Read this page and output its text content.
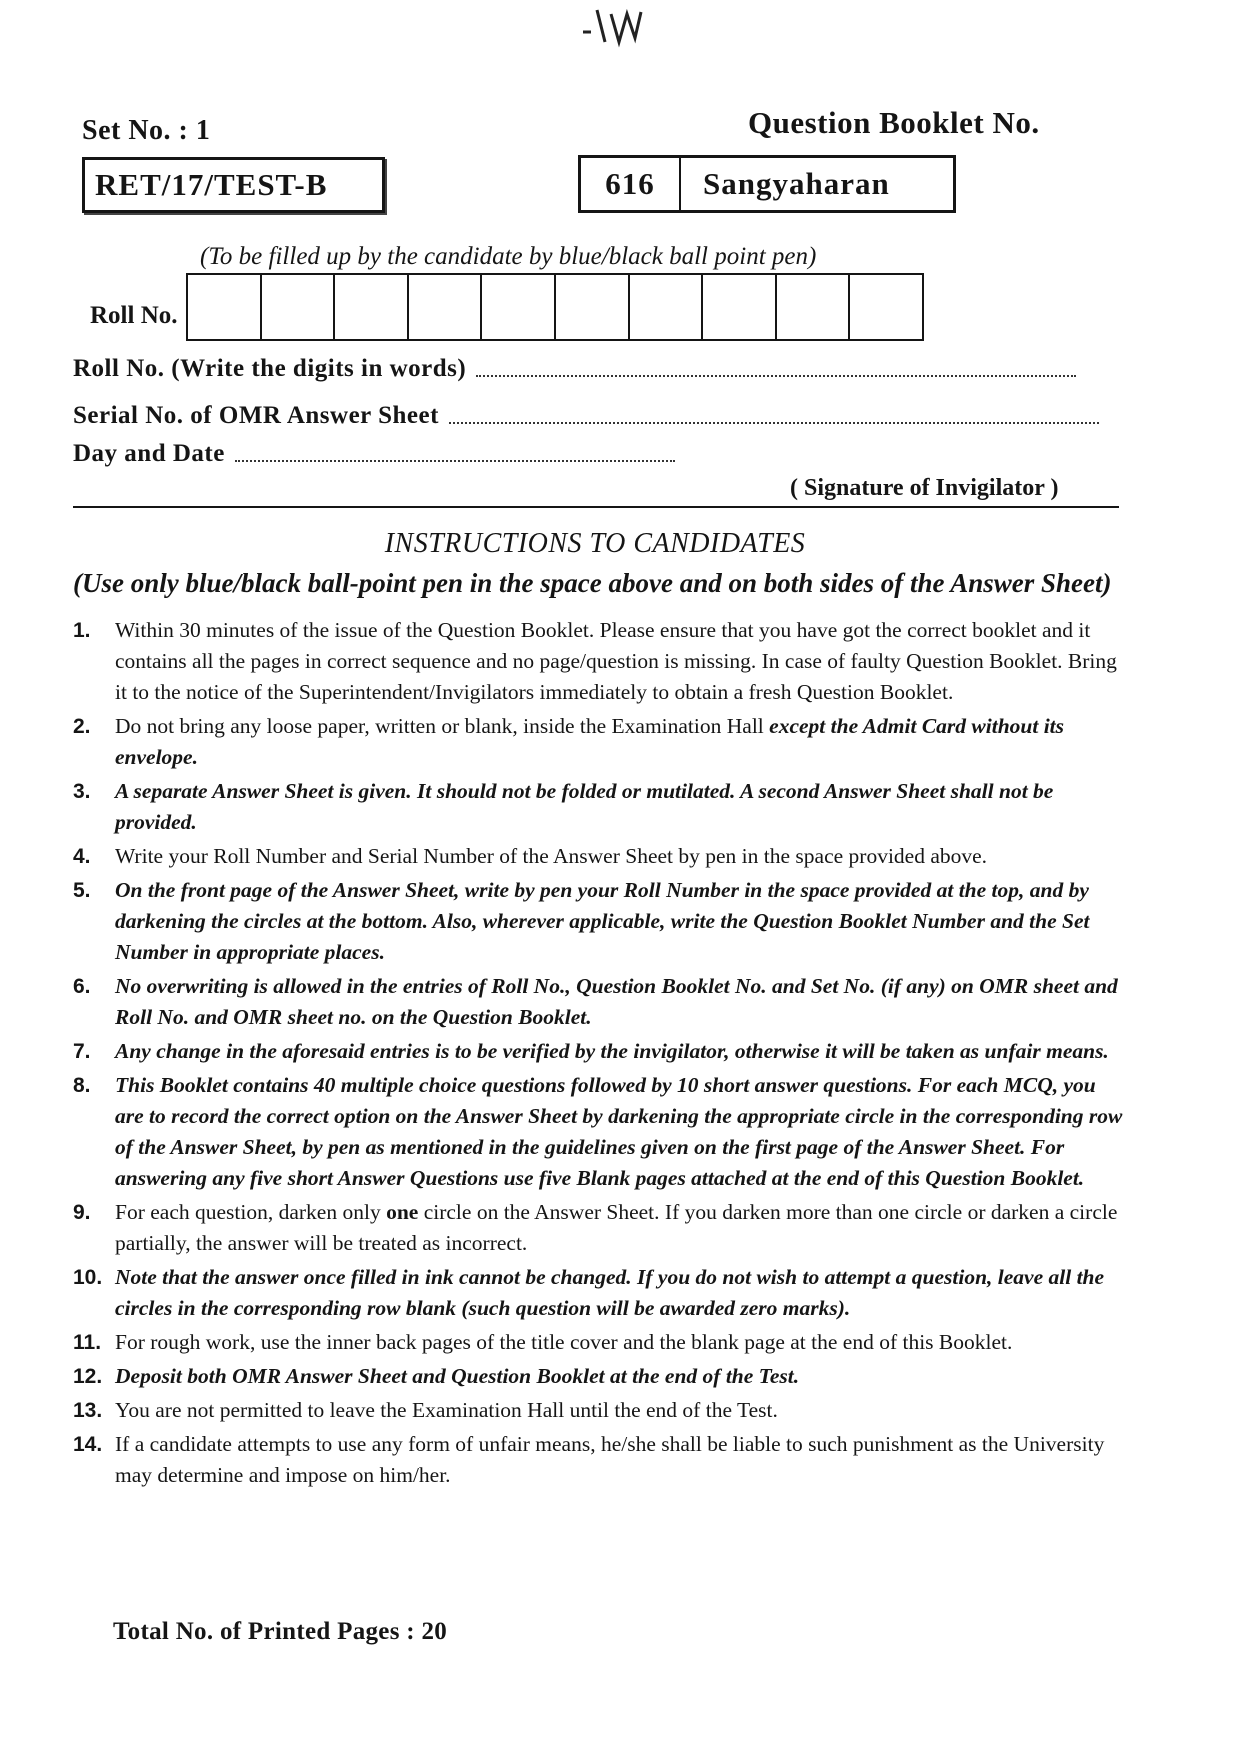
Set No. : 1	Question Booklet No.
RET/17/TEST-B	616	Sangyaharan
(To be filled up by the candidate by blue/black ball point pen)
Roll No.
Roll No. (Write the digits in words)
Serial No. of OMR Answer Sheet
Day and Date
( Signature of Invigilator )
INSTRUCTIONS TO CANDIDATES
(Use only blue/black ball-point pen in the space above and on both sides of the Answer Sheet)
1. Within 30 minutes of the issue of the Question Booklet. Please ensure that you have got the correct booklet and it contains all the pages in correct sequence and no page/question is missing. In case of faulty Question Booklet. Bring it to the notice of the Superintendent/Invigilators immediately to obtain a fresh Question Booklet.
2. Do not bring any loose paper, written or blank, inside the Examination Hall except the Admit Card without its envelope.
3. A separate Answer Sheet is given. It should not be folded or mutilated. A second Answer Sheet shall not be provided.
4. Write your Roll Number and Serial Number of the Answer Sheet by pen in the space provided above.
5. On the front page of the Answer Sheet, write by pen your Roll Number in the space provided at the top, and by darkening the circles at the bottom. Also, wherever applicable, write the Question Booklet Number and the Set Number in appropriate places.
6. No overwriting is allowed in the entries of Roll No., Question Booklet No. and Set No. (if any) on OMR sheet and Roll No. and OMR sheet no. on the Question Booklet.
7. Any change in the aforesaid entries is to be verified by the invigilator, otherwise it will be taken as unfair means.
8. This Booklet contains 40 multiple choice questions followed by 10 short answer questions. For each MCQ, you are to record the correct option on the Answer Sheet by darkening the appropriate circle in the corresponding row of the Answer Sheet, by pen as mentioned in the guidelines given on the first page of the Answer Sheet. For answering any five short Answer Questions use five Blank pages attached at the end of this Question Booklet.
9. For each question, darken only one circle on the Answer Sheet. If you darken more than one circle or darken a circle partially, the answer will be treated as incorrect.
10. Note that the answer once filled in ink cannot be changed. If you do not wish to attempt a question, leave all the circles in the corresponding row blank (such question will be awarded zero marks).
11. For rough work, use the inner back pages of the title cover and the blank page at the end of this Booklet.
12. Deposit both OMR Answer Sheet and Question Booklet at the end of the Test.
13. You are not permitted to leave the Examination Hall until the end of the Test.
14. If a candidate attempts to use any form of unfair means, he/she shall be liable to such punishment as the University may determine and impose on him/her.
Total No. of Printed Pages : 20
